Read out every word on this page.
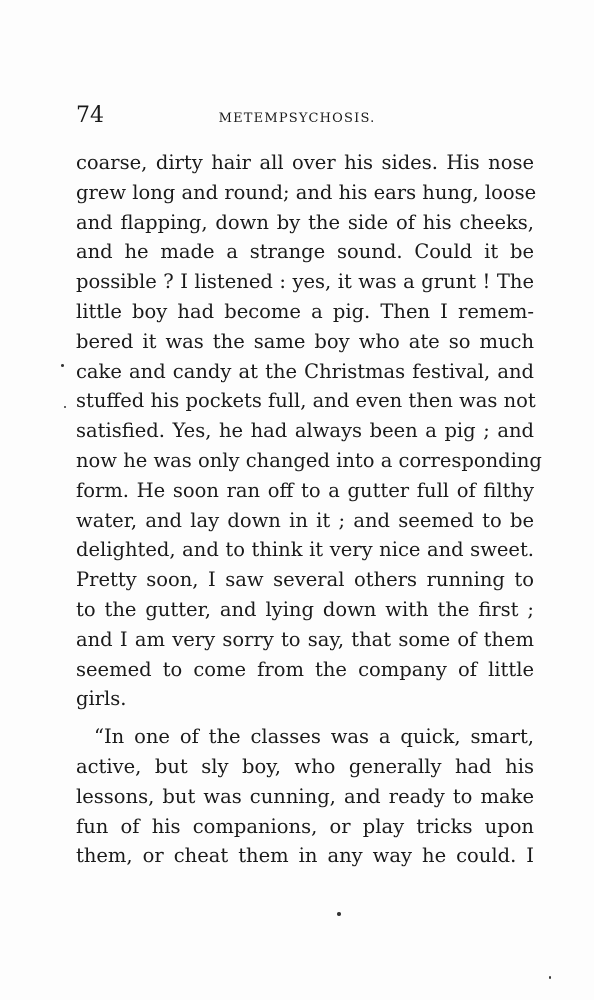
74	METEMPSYCHOSIS.
coarse, dirty hair all over his sides. His nose
grew long and round; and his ears hung, loose
and flapping, down by the side of his cheeks,
and he made a strange sound. Could it be
possible ? I listened : yes, it was a grunt ! The
little boy had become a pig. Then I remem-
bered it was the same boy who ate so much
cake and candy at the Christmas festival, and
stuffed his pockets full, and even then was not
satisfied. Yes, he had always been a pig ; and
now he was only changed into a corresponding
form. He soon ran off to a gutter full of filthy
water, and lay down in it ; and seemed to be
delighted, and to think it very nice and sweet.
Pretty soon, I saw several others running to
to the gutter, and lying down with the first ;
and I am very sorry to say, that some of them
seemed to come from the company of little
girls.
“In one of the classes was a quick, smart,
active, but sly boy, who generally had his
lessons, but was cunning, and ready to make
fun of his companions, or play tricks upon
them, or cheat them in any way he could. I
